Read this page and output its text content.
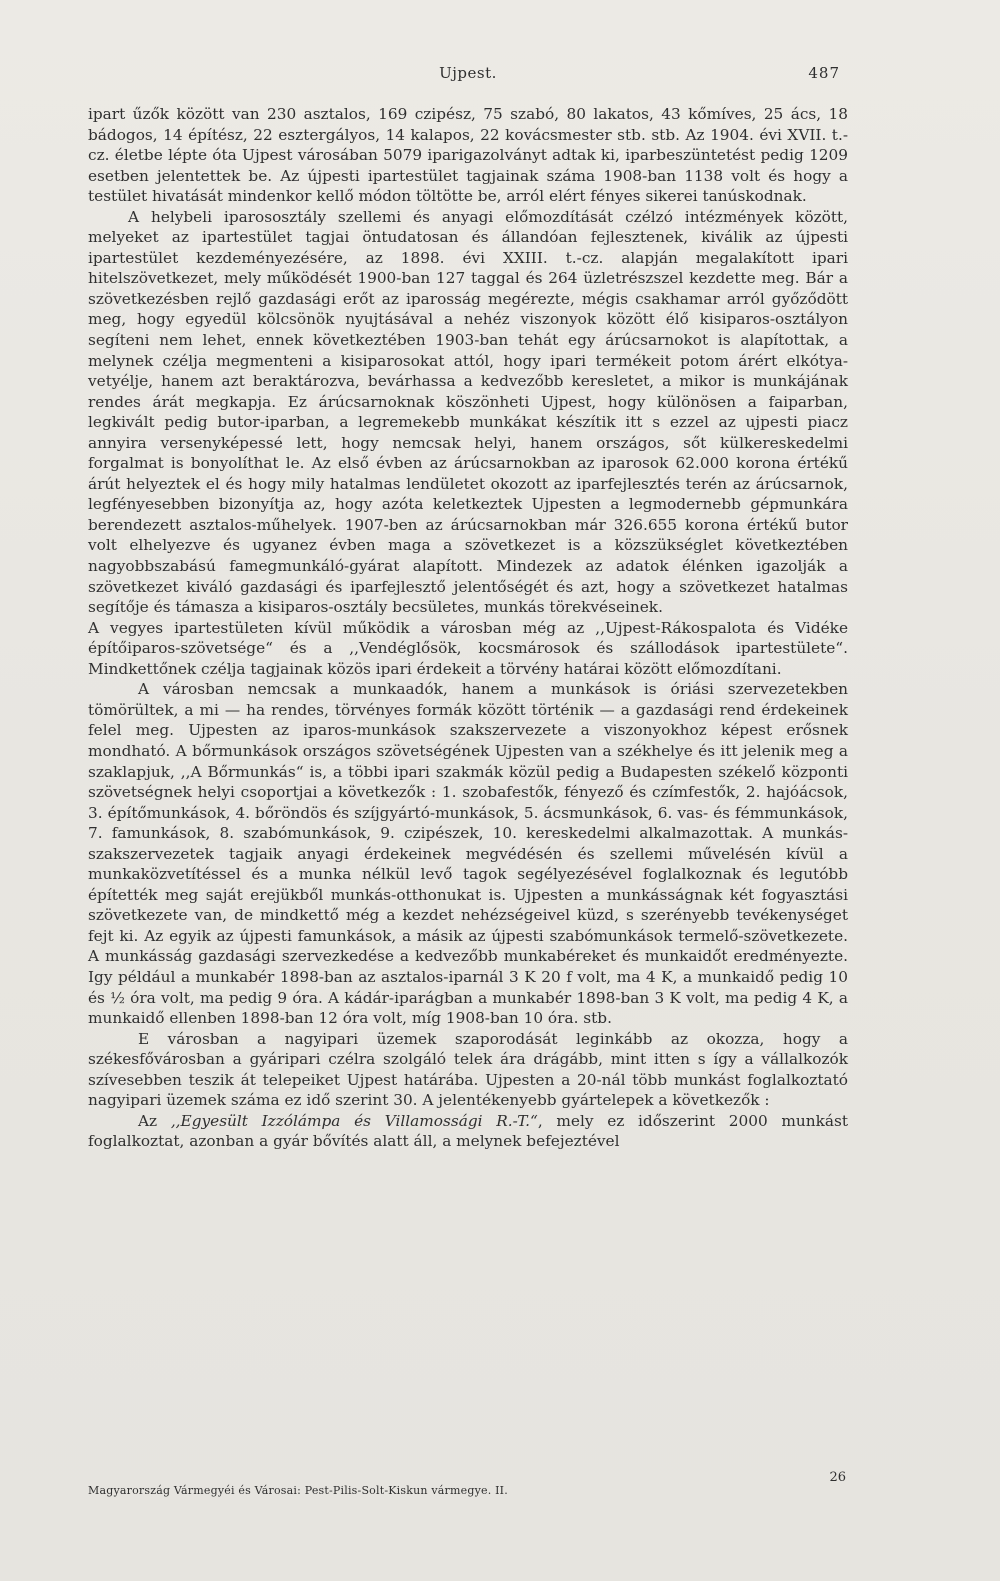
Ujpest.	487

ipart űzők között van 230 asztalos, 169 czipész, 75 szabó, 80 lakatos, 43 kőmíves, 25 ács, 18 bádogos, 14 építész, 22 esztergályos, 14 kalapos, 22 kovácsmester stb. stb. Az 1904. évi XVII. t.-cz. életbe lépte óta Ujpest városában 5079 iparigazolványt adtak ki, iparbeszüntetést pedig 1209 esetben jelentettek be. Az újpesti ipartestület tagjainak száma 1908-ban 1138 volt és hogy a testület hivatását mindenkor kellő módon töltötte be, arról elért fényes sikerei tanúskodnak.

A helybeli iparososztály szellemi és anyagi előmozdítását czélzó intézmények között, melyeket az ipartestület tagjai öntudatosan és állandóan fejlesztenek, kiválik az újpesti ipartestület kezdeményezésére, az 1898. évi XXIII. t.-cz. alapján megalakított ipari hitelszövetkezet, mely működését 1900-ban 127 taggal és 264 üzletrészszel kezdette meg. Bár a szövetkezésben rejlő gazdasági erőt az iparosság megérezte, mégis csakhamar arról győződött meg, hogy egyedül kölcsönök nyujtásával a nehéz viszonyok között élő kisiparos-osztályon segíteni nem lehet, ennek következtében 1903-ban tehát egy árúcsarnokot is alapítottak, a melynek czélja megmenteni a kisiparosokat attól, hogy ipari termékeit potom árért elkótya-vetyélje, hanem azt beraktározva, bevárhassa a kedvezőbb keresletet, a mikor is munkájának rendes árát megkapja. Ez árúcsarnoknak köszönheti Ujpest, hogy különösen a faiparban, legkivált pedig butor-iparban, a legremekebb munkákat készítik itt s ezzel az ujpesti piacz annyira versenyképessé lett, hogy nemcsak helyi, hanem országos, sőt külkereskedelmi forgalmat is bonyolíthat le. Az első évben az árúcsarnokban az iparosok 62.000 korona értékű árút helyeztek el és hogy mily hatalmas lendületet okozott az iparfejlesztés terén az árúcsarnok, legfényesebben bizonyítja az, hogy azóta keletkeztek Ujpesten a legmodernebb gépmunkára berendezett asztalos-műhelyek. 1907-ben az árúcsarnokban már 326.655 korona értékű butor volt elhelyezve és ugyanez évben maga a szövetkezet is a közszükséglet következtében nagyobbszabású famegmunkáló-gyárat alapított. Mindezek az adatok élénken igazolják a szövetkezet kiváló gazdasági és iparfejlesztő jelentőségét és azt, hogy a szövetkezet hatalmas segítője és támasza a kisiparos-osztály becsületes, munkás törekvéseinek.

A vegyes ipartestületen kívül működik a városban még az ,,Ujpest-Rákospalota és Vidéke építőiparos-szövetsége“ és a ,,Vendéglősök, kocsmárosok és szállodások ipartestülete“. Mindkettőnek czélja tagjainak közös ipari érdekeit a törvény határai között előmozdítani.

A városban nemcsak a munkaadók, hanem a munkások is óriási szervezetekben tömörültek, a mi — ha rendes, törvényes formák között történik — a gazdasági rend érdekeinek felel meg. Ujpesten az iparos-munkások szakszervezete a viszonyokhoz képest erősnek mondható. A bőrmunkások országos szövetségének Ujpesten van a székhelye és itt jelenik meg a szaklapjuk, ,,A Bőrmunkás“ is, a többi ipari szakmák közül pedig a Budapesten székelő központi szövetségnek helyi csoportjai a következők : 1. szobafestők, fényező és czímfestők, 2. hajóácsok, 3. építőmunkások, 4. bőröndös és szíjgyártó-munkások, 5. ácsmunkások, 6. vas- és fémmunkások, 7. famunkások, 8. szabómunkások, 9. czipészek, 10. kereskedelmi alkalmazottak. A munkás-szakszervezetek tagjaik anyagi érdekeinek megvédésén és szellemi művelésén kívül a munkaközvetítéssel és a munka nélkül levő tagok segélyezésével foglalkoznak és legutóbb építették meg saját erejükből munkás-otthonukat is. Ujpesten a munkásságnak két fogyasztási szövetkezete van, de mindkettő még a kezdet nehézségeivel küzd, s szerényebb tevékenységet fejt ki. Az egyik az újpesti famunkások, a másik az újpesti szabómunkások termelő-szövetkezete. A munkásság gazdasági szervezkedése a kedvezőbb munkabéreket és munkaidőt eredményezte. Igy például a munkabér 1898-ban az asztalos-iparnál 3 K 20 f volt, ma 4 K, a munkaidő pedig 10 és ½ óra volt, ma pedig 9 óra. A kádár-iparágban a munkabér 1898-ban 3 K volt, ma pedig 4 K, a munkaidő ellenben 1898-ban 12 óra volt, míg 1908-ban 10 óra. stb.

E városban a nagyipari üzemek szaporodását leginkább az okozza, hogy a székesfővárosban a gyáripari czélra szolgáló telek ára drágább, mint itten s így a vállalkozók szívesebben teszik át telepeiket Ujpest határába. Ujpesten a 20-nál több munkást foglalkoztató nagyipari üzemek száma ez idő szerint 30. A jelentékenyebb gyártelepek a következők :

Az ,,Egyesült Izzólámpa és Villamossági R.-T.“, mely ez időszerint 2000 munkást foglalkoztat, azonban a gyár bővítés alatt áll, a melynek befejeztével

Magyarország Vármegyéi és Városai: Pest-Pilis-Solt-Kiskun vármegye. II.
26
